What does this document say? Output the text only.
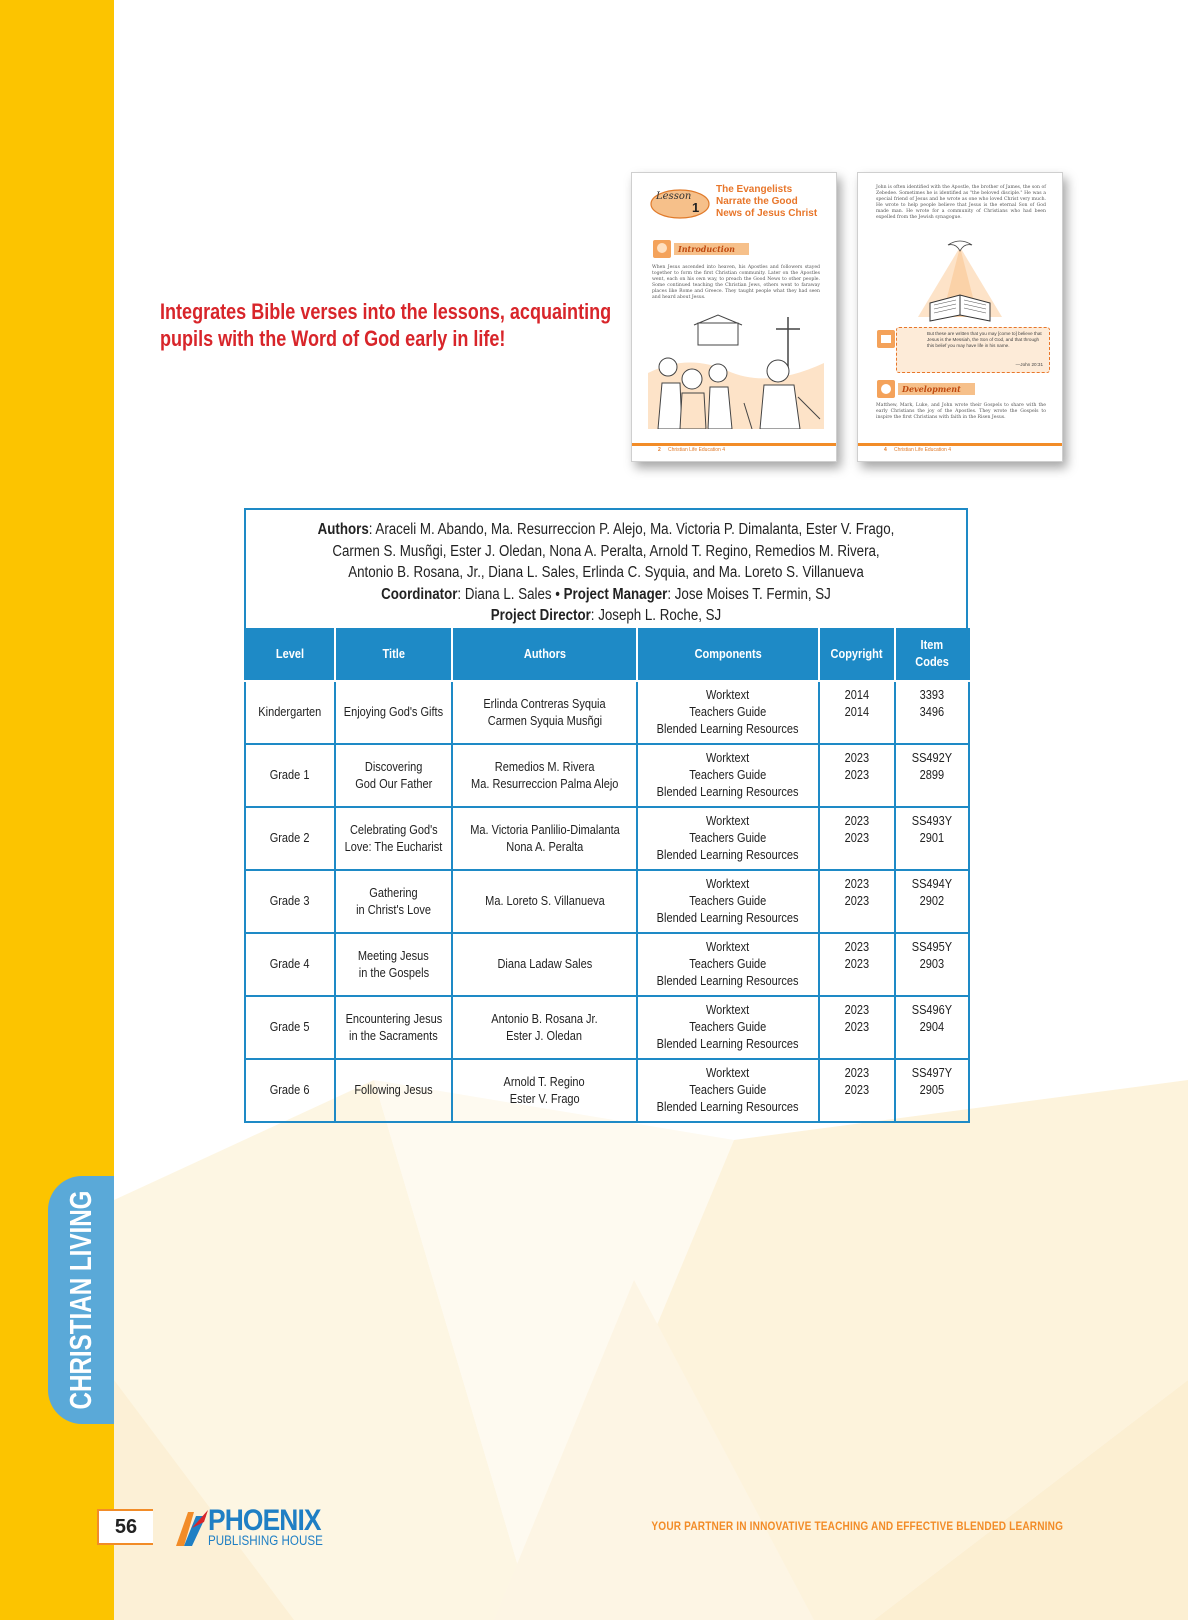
CHRISTIAN LIVING
Integrates Bible verses into the lessons, acquainting
pupils with the Word of God early in life!
Lesson
1
The Evangelists
Narrate the Good
News of Jesus Christ
Introduction
When Jesus ascended into heaven, his Apostles and followers stayed together to form the first Christian community. Later on the Apostles went, each on his own way, to preach the Good News to other people. Some continued teaching the Christian Jews, others went to faraway places like Rome and Greece. They taught people what they had seen and heard about Jesus.
2 Christian Life Education 4
John is often identified with the Apostle, the brother of James, the son of Zebedee. Sometimes he is identified as "the beloved disciple." He was a special friend of Jesus and he wrote as one who loved Christ very much. He wrote to help people believe that Jesus is the eternal Son of God made man. He wrote for a community of Christians who had been expelled from the Jewish synagogue.
But these are written that you may [come to] believe that Jesus is the Messiah, the Son of God, and that through this belief you may have life in his name.
—John 20:31
Development
Matthew, Mark, Luke, and John wrote their Gospels to share with the early Christians the joy of the Apostles. They wrote the Gospels to inspire the first Christians with faith in the Risen Jesus.
4 Christian Life Education 4
Authors: Araceli M. Abando, Ma. Resurreccion P. Alejo, Ma. Victoria P. Dimalanta, Ester V. Frago,
Carmen S. Musñgi, Ester J. Oledan, Nona A. Peralta, Arnold T. Regino, Remedios M. Rivera,
Antonio B. Rosana, Jr., Diana L. Sales, Erlinda C. Syquia, and Ma. Loreto S. Villanueva
Coordinator: Diana L. Sales • Project Manager: Jose Moises T. Fermin, SJ
Project Director: Joseph L. Roche, SJ
Level	Title	Authors	Components	Copyright	Item
Codes
Kindergarten	Enjoying God's Gifts	Erlinda Contreras Syquia
Carmen Syquia Musñgi	Worktext
Teachers Guide
Blended Learning Resources	2014
2014	3393
3496
Grade 1	Discovering
God Our Father	Remedios M. Rivera
Ma. Resurreccion Palma Alejo	Worktext
Teachers Guide
Blended Learning Resources	2023
2023	SS492Y
2899
Grade 2	Celebrating God's
Love: The Eucharist	Ma. Victoria Panlilio-Dimalanta
Nona A. Peralta	Worktext
Teachers Guide
Blended Learning Resources	2023
2023	SS493Y
2901
Grade 3	Gathering
in Christ's Love	Ma. Loreto S. Villanueva	Worktext
Teachers Guide
Blended Learning Resources	2023
2023	SS494Y
2902
Grade 4	Meeting Jesus
in the Gospels	Diana Ladaw Sales	Worktext
Teachers Guide
Blended Learning Resources	2023
2023	SS495Y
2903
Grade 5	Encountering Jesus
in the Sacraments	Antonio B. Rosana Jr.
Ester J. Oledan	Worktext
Teachers Guide
Blended Learning Resources	2023
2023	SS496Y
2904
Grade 6	Following Jesus	Arnold T. Regino
Ester V. Frago	Worktext
Teachers Guide
Blended Learning Resources	2023
2023	SS497Y
2905
56	PHOENIX
PUBLISHING HOUSE
YOUR PARTNER IN INNOVATIVE TEACHING AND EFFECTIVE BLENDED LEARNING
